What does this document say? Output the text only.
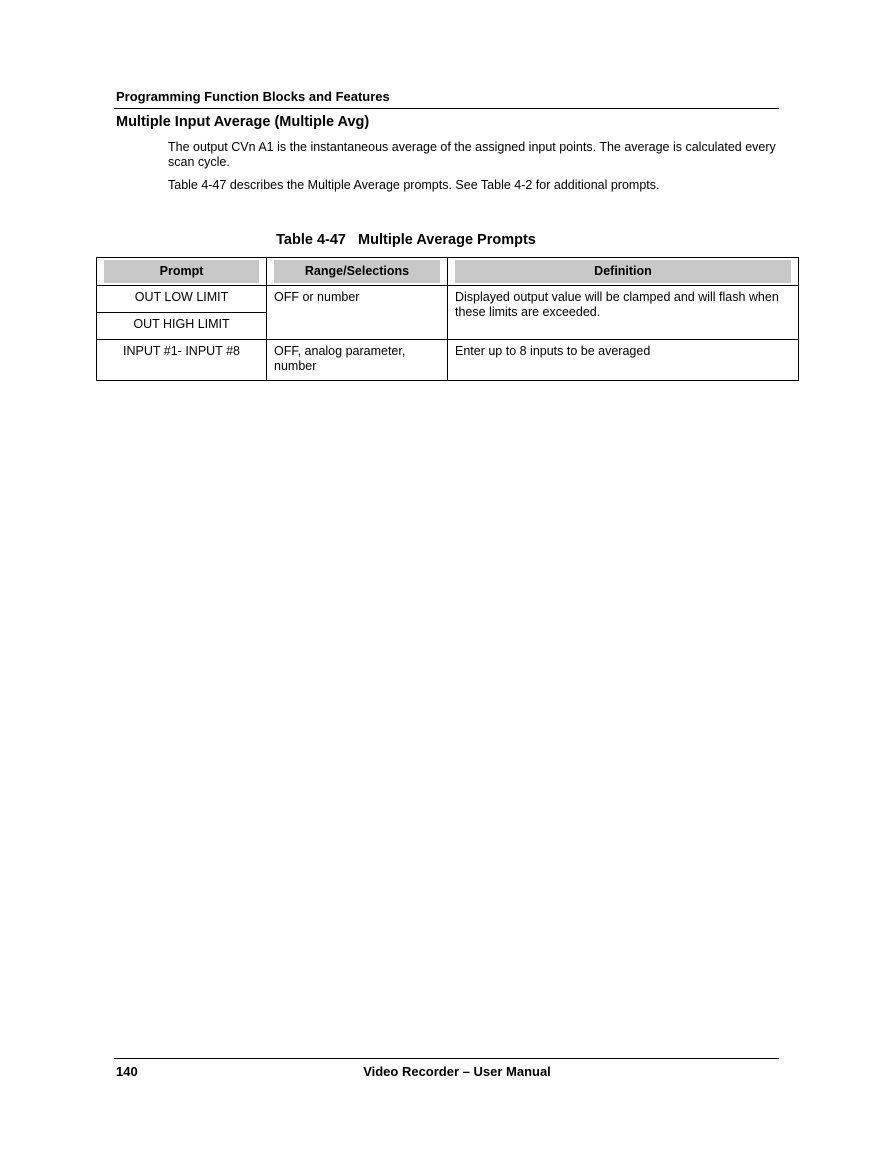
Programming Function Blocks and Features
Multiple Input Average (Multiple Avg)
The output CVn A1 is the instantaneous average of the assigned input points. The average is calculated every scan cycle.
Table 4-47 describes the Multiple Average prompts. See Table 4-2 for additional prompts.
Table 4-47   Multiple Average Prompts
Prompt	Range/Selections	Definition

OUT LOW LIMIT	OFF or number	Displayed output value will be clamped and will flash when these limits are exceeded.
OUT HIGH LIMIT		
INPUT #1- INPUT #8	OFF, analog parameter, number	Enter up to 8 inputs to be averaged
140	Video Recorder – User Manual
